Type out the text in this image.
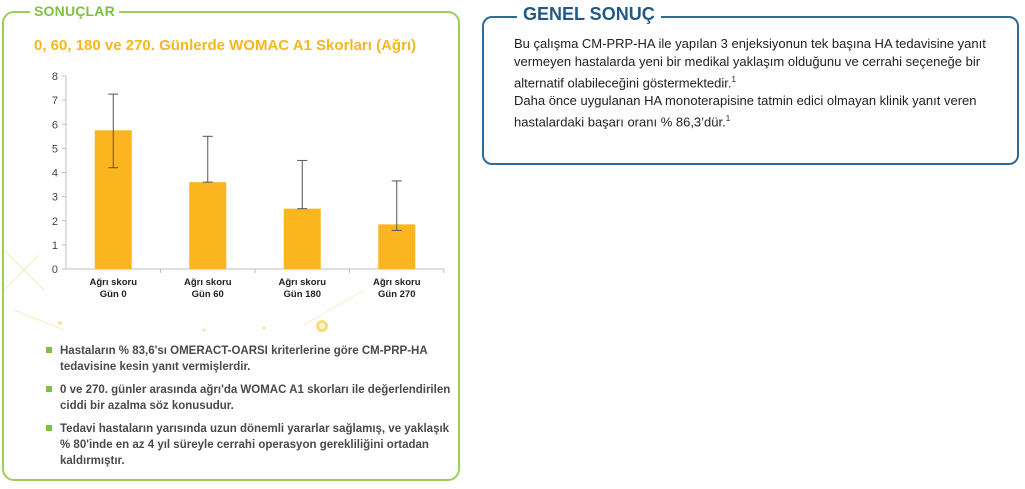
SONUÇLAR
0, 60, 180 ve 270. Günlerde WOMAC A1 Skorları (Ağrı)
0
1
2
3
4
5
6
7
8
Ağrı skoru
Gün 0
Ağrı skoru
Gün 60
Ağrı skoru
Gün 180
Ağrı skoru
Gün 270
Hastaların % 83,6'sı OMERACT-OARSI kriterlerine göre CM-PRP-HA tedavisine kesin yanıt vermişlerdir.
0 ve 270. günler arasında ağrı'da WOMAC A1 skorları ile değerlendirilen ciddi bir azalma söz konusudur.
Tedavi hastaların yarısında uzun dönemli yararlar sağlamış, ve yaklaşık % 80'inde en az 4 yıl süreyle cerrahi operasyon gerekliliğini ortadan kaldırmıştır.
GENEL SONUÇ

Bu çalışma CM-PRP-HA ile yapılan 3 enjeksiyonun tek başına HA tedavisine yanıt vermeyen hastalarda yeni bir medikal yaklaşım olduğunu ve cerrahi seçeneğe bir alternatif olabileceğini göstermektedir.$^1$

Daha önce uygulanan HA monoterapisine tatmin edici olmayan klinik yanıt veren hastalardaki başarı oranı % 86,3’dür.$^1$
